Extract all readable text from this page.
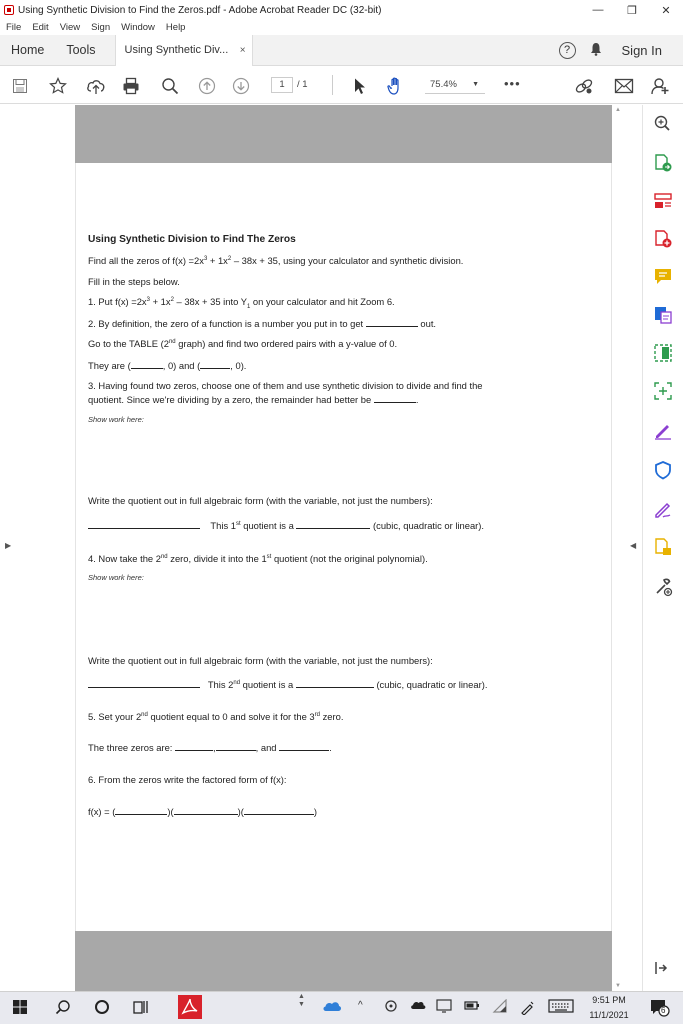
Using Synthetic Division to Find the Zeros.pdf - Adobe Acrobat Reader DC (32-bit)	—	❐	✕
File Edit View Sign Window Help
Home	Tools	Using Synthetic Div...	×	?	Sign In
1	/ 1	75.4% ▼ •••
▲
▼
▶	◀

Using Synthetic Division to Find The Zeros

Find all the zeros of $f(x) =2x^3 + 1x^2 - 38x + 35$, using your calculator and synthetic division.

Fill in the steps below.

1. Put $f(x) =2x^3 + 1x^2 - 38x + 35$ into $Y_1$ on your calculator and hit Zoom 6.

2. By definition, the zero of a function is a number you put in to get	out.

Go to the TABLE (2nd graph) and find two ordered pairs with a y-value of 0.

They are (	, 0) and (	, 0).

3. Having found two zeros, choose one of them and use synthetic division to divide and find the

quotient. Since we're dividing by a zero, the remainder had better be	.

Show work here:

Write the quotient out in full algebraic form (with the variable, not just the numbers):

This 1st quotient is a	(cubic, quadratic or linear).

4. Now take the 2nd zero, divide it into the 1st quotient (not the original polynomial).

Show work here:

Write the quotient out in full algebraic form (with the variable, not just the numbers):

This 2nd quotient is a	(cubic, quadratic or linear).

5. Set your 2nd quotient equal to 0 and solve it for the 3rd zero.

The three zeros are:	,	, and	.

6. From the zeros write the factored form of f(x):

f(x) = (	)(	)(	)

▲
▼	^	9:51 PM
11/1/2021	6
